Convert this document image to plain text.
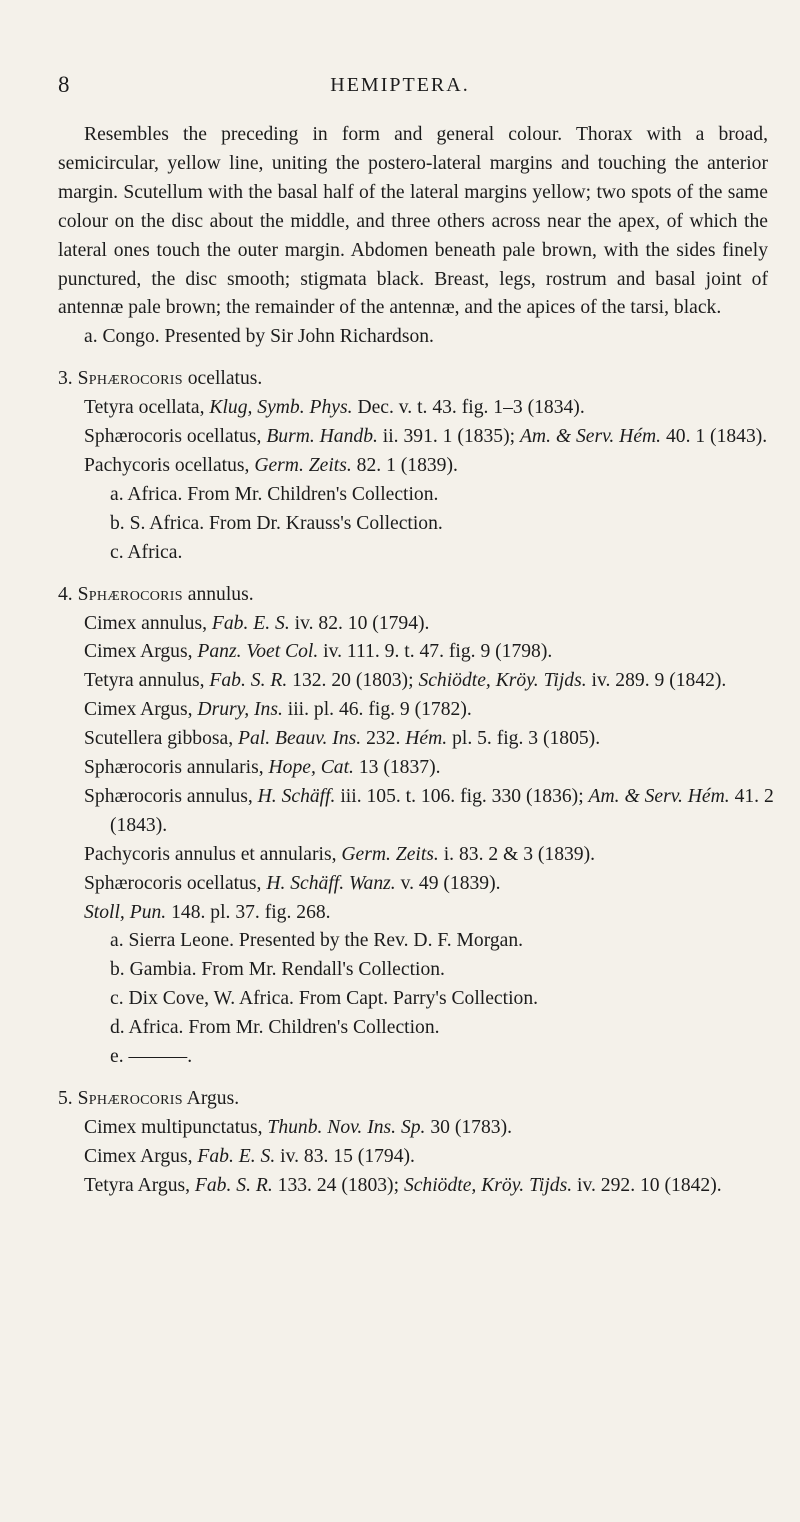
8	HEMIPTERA.

Resembles the preceding in form and general colour. Thorax with a broad, semicircular, yellow line, uniting the postero-lateral margins and touching the anterior margin. Scutellum with the basal half of the lateral margins yellow; two spots of the same colour on the disc about the middle, and three others across near the apex, of which the lateral ones touch the outer margin. Abdomen beneath pale brown, with the sides finely punctured, the disc smooth; stigmata black. Breast, legs, rostrum and basal joint of antennæ pale brown; the remainder of the antennæ, and the apices of the tarsi, black.

a. Congo. Presented by Sir John Richardson.

3. Sphærocoris ocellatus.

Tetyra ocellata, Klug, Symb. Phys. Dec. v. t. 43. fig. 1–3 (1834).

Sphærocoris ocellatus, Burm. Handb. ii. 391. 1 (1835); Am. & Serv. Hém. 40. 1 (1843).

Pachycoris ocellatus, Germ. Zeits. 82. 1 (1839).

a. Africa. From Mr. Children's Collection.

b. S. Africa. From Dr. Krauss's Collection.

c. Africa.

4. Sphærocoris annulus.

Cimex annulus, Fab. E. S. iv. 82. 10 (1794).

Cimex Argus, Panz. Voet Col. iv. 111. 9. t. 47. fig. 9 (1798).

Tetyra annulus, Fab. S. R. 132. 20 (1803); Schiödte, Kröy. Tijds. iv. 289. 9 (1842).

Cimex Argus, Drury, Ins. iii. pl. 46. fig. 9 (1782).

Scutellera gibbosa, Pal. Beauv. Ins. 232. Hém. pl. 5. fig. 3 (1805).

Sphærocoris annularis, Hope, Cat. 13 (1837).

Sphærocoris annulus, H. Schäff. iii. 105. t. 106. fig. 330 (1836); Am. & Serv. Hém. 41. 2 (1843).

Pachycoris annulus et annularis, Germ. Zeits. i. 83. 2 & 3 (1839).

Sphærocoris ocellatus, H. Schäff. Wanz. v. 49 (1839).

Stoll, Pun. 148. pl. 37. fig. 268.

a. Sierra Leone. Presented by the Rev. D. F. Morgan.

b. Gambia. From Mr. Rendall's Collection.

c. Dix Cove, W. Africa. From Capt. Parry's Collection.

d. Africa. From Mr. Children's Collection.

e. ———.

5. Sphærocoris Argus.

Cimex multipunctatus, Thunb. Nov. Ins. Sp. 30 (1783).

Cimex Argus, Fab. E. S. iv. 83. 15 (1794).

Tetyra Argus, Fab. S. R. 133. 24 (1803); Schiödte, Kröy. Tijds. iv. 292. 10 (1842).
